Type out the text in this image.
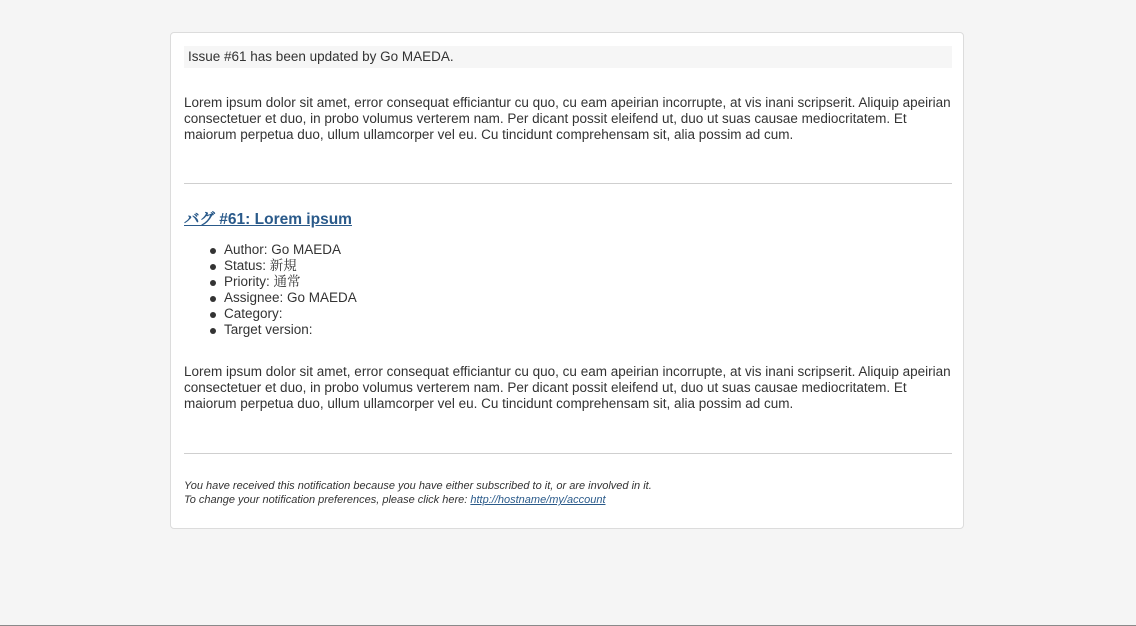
Issue #61 has been updated by Go MAEDA.

Lorem ipsum dolor sit amet, error consequat efficiantur cu quo, cu eam apeirian incorrupte, at vis inani scripserit. Aliquip apeirian consectetuer et duo, in probo volumus verterem nam. Per dicant possit eleifend ut, duo ut suas causae mediocritatem. Et maiorum perpetua duo, ullum ullamcorper vel eu. Cu tincidunt comprehensam sit, alia possim ad cum.

バグ #61: Lorem ipsum
Author: Go MAEDA
Status: 新規
Priority: 通常
Assignee: Go MAEDA
Category:
Target version:

Lorem ipsum dolor sit amet, error consequat efficiantur cu quo, cu eam apeirian incorrupte, at vis inani scripserit. Aliquip apeirian consectetuer et duo, in probo volumus verterem nam. Per dicant possit eleifend ut, duo ut suas causae mediocritatem. Et maiorum perpetua duo, ullum ullamcorper vel eu. Cu tincidunt comprehensam sit, alia possim ad cum.

You have received this notification because you have either subscribed to it, or are involved in it.
To change your notification preferences, please click here: http://hostname/my/account
